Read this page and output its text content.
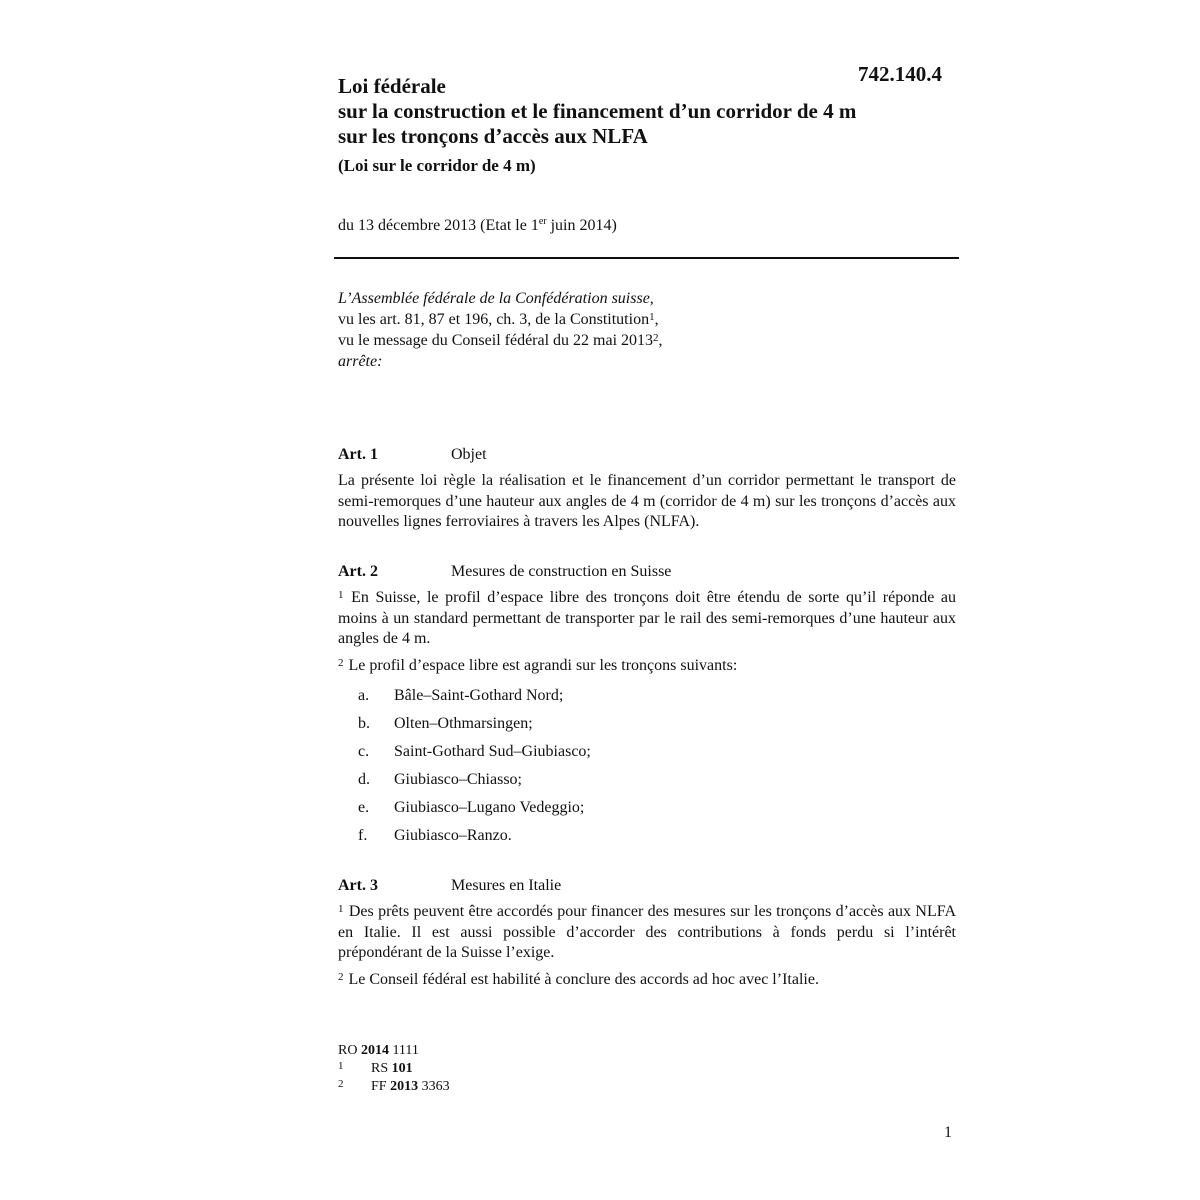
742.140.4
Loi fédérale
sur la construction et le financement d’un corridor de 4 m
sur les tronçons d’accès aux NLFA
(Loi sur le corridor de 4 m)
du 13 décembre 2013 (Etat le 1er juin 2014)
L’Assemblée fédérale de la Confédération suisse,
vu les art. 81, 87 et 196, ch. 3, de la Constitution$^1$,
vu le message du Conseil fédéral du 22 mai 2013$^2$,
arrête:
Art. 1	Objet

La présente loi règle la réalisation et le financement d’un corridor permettant le transport de semi-remorques d’une hauteur aux angles de 4 m (corridor de 4 m) sur les tronçons d’accès aux nouvelles lignes ferroviaires à travers les Alpes (NLFA).

Art. 2	Mesures de construction en Suisse

$^1$ En Suisse, le profil d’espace libre des tronçons doit être étendu de sorte qu’il réponde au moins à un standard permettant de transporter par le rail des semi-remorques d’une hauteur aux angles de 4 m.

$^2$ Le profil d’espace libre est agrandi sur les tronçons suivants:

a. Bâle–Saint-Gothard Nord;
b. Olten–Othmarsingen;
c. Saint-Gothard Sud–Giubiasco;
d. Giubiasco–Chiasso;
e. Giubiasco–Lugano Vedeggio;
f. Giubiasco–Ranzo.
Art. 3	Mesures en Italie

$^1$ Des prêts peuvent être accordés pour financer des mesures sur les tronçons d’accès aux NLFA en Italie. Il est aussi possible d’accorder des contributions à fonds perdu si l’intérêt prépondérant de la Suisse l’exige.

$^2$ Le Conseil fédéral est habilité à conclure des accords ad hoc avec l’Italie.

RO 2014 1111
1 RS 101
2 FF 2013 3363
1
